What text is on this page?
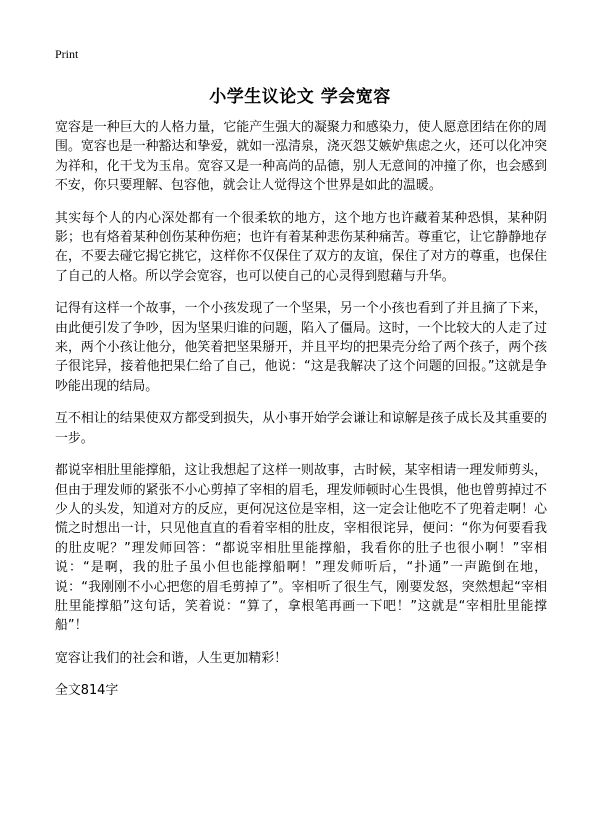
Print
小学生议论文 学会宽容

宽容是一种巨大的人格力量，它能产生强大的凝聚力和感染力，使人愿意团结在你的周围。宽容也是一种豁达和挚爱，就如一泓清泉，浇灭怨艾嫉妒焦虑之火，还可以化冲突为祥和，化干戈为玉帛。宽容又是一种高尚的品德，别人无意间的冲撞了你，也会感到不安，你只要理解、包容他，就会让人觉得这个世界是如此的温暖。

其实每个人的内心深处都有一个很柔软的地方，这个地方也许藏着某种恐惧，某种阴影；也有烙着某种创伤某种伤疤；也许有着某种悲伤某种痛苦。尊重它，让它静静地存在，不要去碰它揭它挑它，这样你不仅保住了双方的友谊，保住了对方的尊重，也保住了自己的人格。所以学会宽容，也可以使自己的心灵得到慰藉与升华。

记得有这样一个故事，一个小孩发现了一个坚果，另一个小孩也看到了并且摘了下来，由此便引发了争吵，因为坚果归谁的问题，陷入了僵局。这时，一个比较大的人走了过来，两个小孩让他分，他笑着把坚果掰开，并且平均的把果壳分给了两个孩子，两个孩子很诧异，接着他把果仁给了自己，他说：“这是我解决了这个问题的回报。”这就是争吵能出现的结局。

互不相让的结果使双方都受到损失，从小事开始学会谦让和谅解是孩子成长及其重要的一步。

都说宰相肚里能撑船，这让我想起了这样一则故事，古时候，某宰相请一理发师剪头，但由于理发师的紧张不小心剪掉了宰相的眉毛，理发师顿时心生畏惧，他也曾剪掉过不少人的头发，知道对方的反应，更何况这位是宰相，这一定会让他吃不了兜着走啊！心慌之时想出一计，只见他直直的看着宰相的肚皮，宰相很诧异，便问：“你为何要看我的肚皮呢？”理发师回答：“都说宰相肚里能撑船，我看你的肚子也很小啊！”宰相说：“是啊，我的肚子虽小但也能撑船啊！”理发师听后，“扑通”一声跪倒在地，说：“我刚刚不小心把您的眉毛剪掉了”。宰相听了很生气，刚要发怒，突然想起“宰相肚里能撑船”这句话，笑着说：“算了，拿根笔再画一下吧！”这就是“宰相肚里能撑船”！

宽容让我们的社会和谐，人生更加精彩！

全文814字
